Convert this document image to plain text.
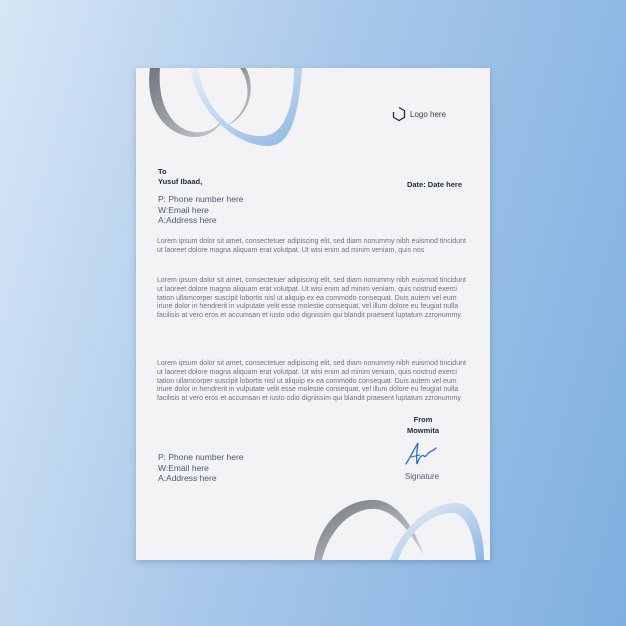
Logo here
To
Yusuf Ibaad,	Date: Date here
P: Phone number here
W:Email here
A:Address here

Lorem ipsum dolor sit amet, consectetuer adipiscing elit, sed diam nonummy nibh euismod tincidunt ut laoreet dolore magna aliquam erat volutpat. Ut wisi enim ad minim veniam, quis nos

Lorem ipsum dolor sit amet, consectetuer adipiscing elit, sed diam nonummy nibh euismod tincidunt ut laoreet dolore magna aliquam erat volutpat. Ut wisi enim ad minim veniam, quis nostrud exerci tation ullamcorper suscipit lobortis nisl ut aliquip ex ea commodo consequat. Duis autem vel eum iriure dolor in hendrerit in vulputate velit esse molestie consequat, vel illum dolore eu feugiat nulla facilisis at vero eros et accumsan et iusto odio dignissim qui blandit praesent luptatum zzrонummy

Lorem ipsum dolor sit amet, consectetuer adipiscing elit, sed diam nonummy nibh euismod tincidunt ut laoreet dolore magna aliquam erat volutpat. Ut wisi enim ad minim veniam, quis nostrud exerci tation ullamcorper suscipit lobortis nisl ut aliquip ex ea commodo consequat. Duis autem vel eum iriure dolor in hendrerit in vulputate velit esse molestie consequat, vel illum dolore eu feugiat nulla facilisis at vero eros et accumsan et iusto odio dignissim qui blandit praesent luptatum zzrонummy

From
Mowmita
Signature
P: Phone number here
W:Email here
A:Address here
